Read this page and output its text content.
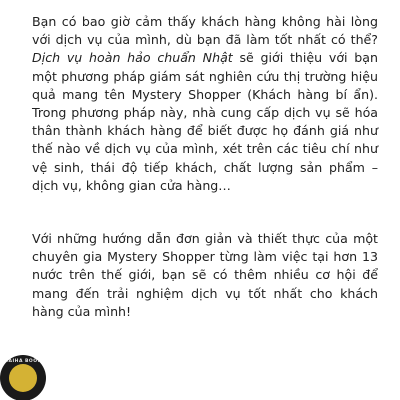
Bạn có bao giờ cảm thấy khách hàng không hài lòng với dịch vụ của mình, dù bạn đã làm tốt nhất có thể? Dịch vụ hoàn hảo chuẩn Nhật sẽ giới thiệu với bạn một phương pháp giám sát nghiên cứu thị trường hiệu quả mang tên Mystery Shopper (Khách hàng bí ẩn). Trong phương pháp này, nhà cung cấp dịch vụ sẽ hóa thân thành khách hàng để biết được họ đánh giá như thế nào về dịch vụ của mình, xét trên các tiêu chí như vệ sinh, thái độ tiếp khách, chất lượng sản phẩm – dịch vụ, không gian cửa hàng…

Với những hướng dẫn đơn giản và thiết thực của một chuyên gia Mystery Shopper từng làm việc tại hơn 13 nước trên thế giới, bạn sẽ có thêm nhiều cơ hội để mang đến trải nghiệm dịch vụ tốt nhất cho khách hàng của mình!

THAIHA BOOKS
